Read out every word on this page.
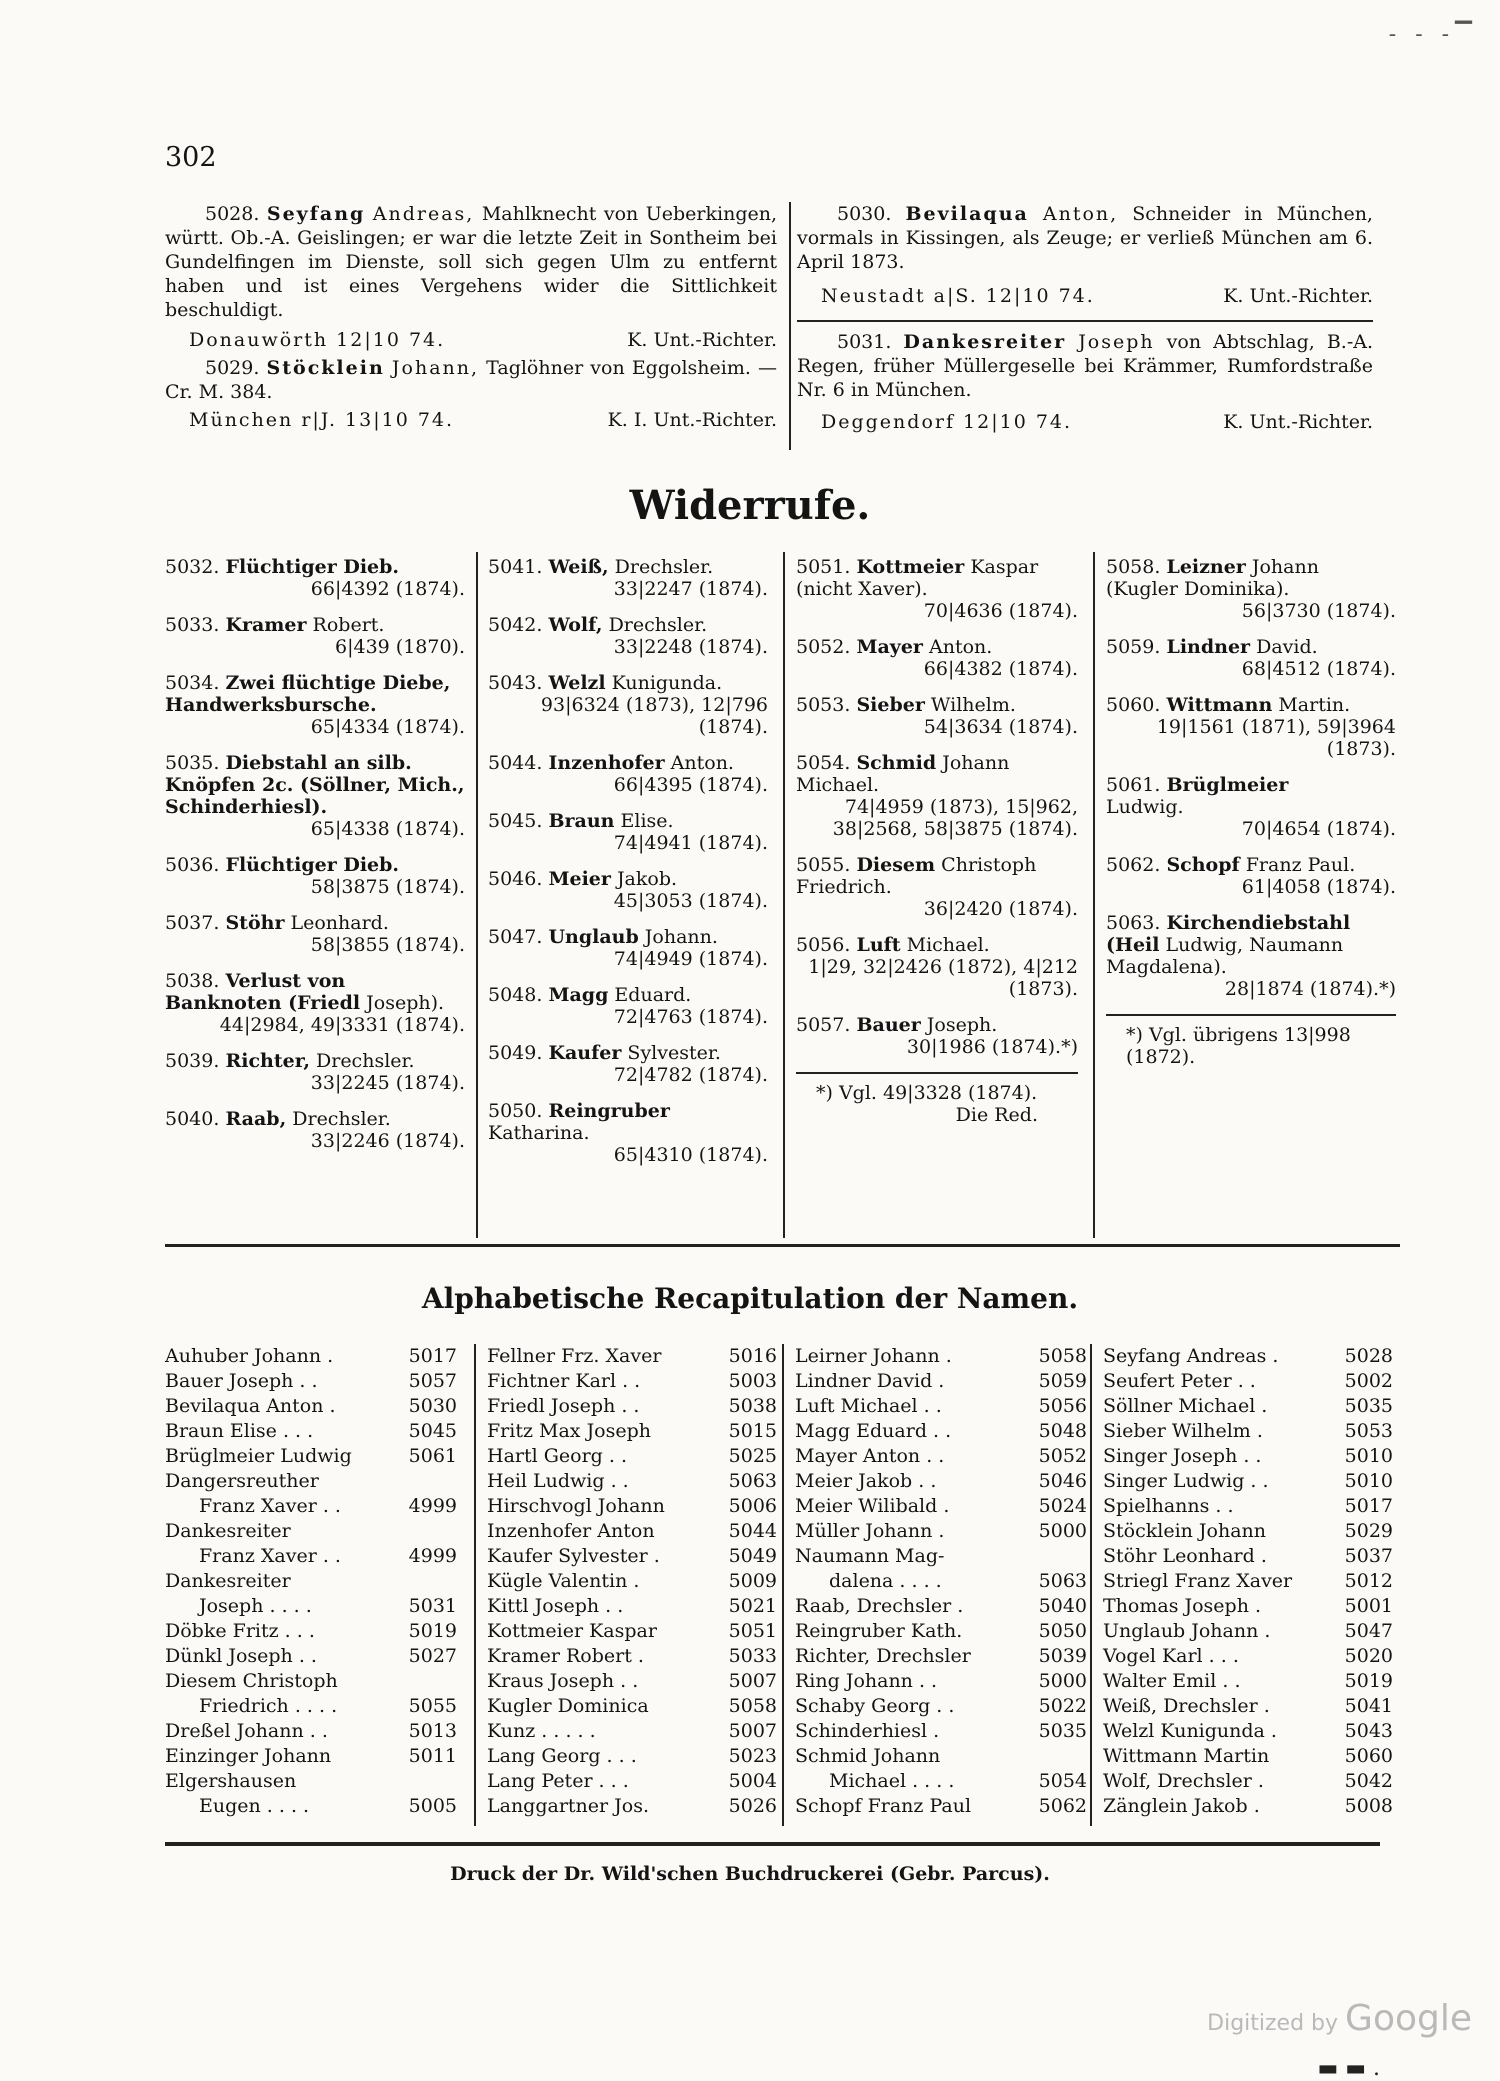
- - -▔
302

5028. Seyfang Andreas, Mahlknecht von Ueberkingen, württ. Ob.-A. Geislingen; er war die letzte Zeit in Sontheim bei Gundelfingen im Dienste, soll sich gegen Ulm zu entfernt haben und ist eines Vergehens wider die Sittlichkeit beschuldigt.

Donauwörth 12|10 74.	K. Unt.-Richter.

5029. Stöcklein Johann, Taglöhner von Eggolsheim. — Cr. M. 384.

München r|J. 13|10 74.	K. I. Unt.-Richter.

5030. Bevilaqua Anton, Schneider in München, vormals in Kissingen, als Zeuge; er verließ München am 6. April 1873.

Neustadt a|S. 12|10 74.	K. Unt.-Richter.

5031. Dankesreiter Joseph von Abtschlag, B.-A. Regen, früher Müllergeselle bei Krämmer, Rumfordstraße Nr. 6 in München.

Deggendorf 12|10 74.	K. Unt.-Richter.
Widerrufe.
5032. Flüchtiger Dieb.
66|4392 (1874).
5033. Kramer Robert.
6|439 (1870).
5034. Zwei flüchtige Diebe, Handwerksbursche.
65|4334 (1874).
5035. Diebstahl an silb. Knöpfen 2c. (Söllner, Mich., Schinderhiesl).
65|4338 (1874).
5036. Flüchtiger Dieb.
58|3875 (1874).
5037. Stöhr Leonhard.
58|3855 (1874).
5038. Verlust von Banknoten (Friedl Joseph).
44|2984, 49|3331 (1874).
5039. Richter, Drechsler.
33|2245 (1874).
5040. Raab, Drechsler.
33|2246 (1874).
5041. Weiß, Drechsler.
33|2247 (1874).
5042. Wolf, Drechsler.
33|2248 (1874).
5043. Welzl Kunigunda.
93|6324 (1873), 12|796 (1874).
5044. Inzenhofer Anton.
66|4395 (1874).
5045. Braun Elise.
74|4941 (1874).
5046. Meier Jakob.
45|3053 (1874).
5047. Unglaub Johann.
74|4949 (1874).
5048. Magg Eduard.
72|4763 (1874).
5049. Kaufer Sylvester.
72|4782 (1874).
5050. Reingruber
Katharina.
65|4310 (1874).
5051. Kottmeier Kaspar (nicht Xaver).
70|4636 (1874).
5052. Mayer Anton.
66|4382 (1874).
5053. Sieber Wilhelm.
54|3634 (1874).
5054. Schmid Johann Michael.
74|4959 (1873), 15|962, 38|2568, 58|3875 (1874).
5055. Diesem Christoph Friedrich.
36|2420 (1874).
5056. Luft Michael.
1|29, 32|2426 (1872), 4|212 (1873).
5057. Bauer Joseph.
30|1986 (1874).*)
*) Vgl. 49|3328 (1874).
Die Red.
5058. Leizner Johann (Kugler Dominika).
56|3730 (1874).
5059. Lindner David.
68|4512 (1874).
5060. Wittmann Martin.
19|1561 (1871), 59|3964 (1873).
5061. Brüglmeier
Ludwig.
70|4654 (1874).
5062. Schopf Franz Paul.
61|4058 (1874).
5063. Kirchendiebstahl (Heil Ludwig, Naumann Magdalena).
28|1874 (1874).*)
*) Vgl. übrigens 13|998 (1872).
Alphabetische Recapitulation der Namen.
Auhuber Johann .	5017
Bauer Joseph . .	5057
Bevilaqua Anton .	5030
Braun Elise . . .	5045
Brüglmeier Ludwig	5061
Dangersreuther
Franz Xaver . .	4999
Dankesreiter
Franz Xaver . .	4999
Dankesreiter
Joseph . . . .	5031
Döbke Fritz . . .	5019
Dünkl Joseph . .	5027
Diesem Christoph
Friedrich . . . .	5055
Dreßel Johann . .	5013
Einzinger Johann	5011
Elgershausen
Eugen . . . .	5005
Fellner Frz. Xaver	5016
Fichtner Karl . .	5003
Friedl Joseph . .	5038
Fritz Max Joseph	5015
Hartl Georg . .	5025
Heil Ludwig . .	5063
Hirschvogl Johann	5006
Inzenhofer Anton	5044
Kaufer Sylvester .	5049
Kügle Valentin .	5009
Kittl Joseph . .	5021
Kottmeier Kaspar	5051
Kramer Robert .	5033
Kraus Joseph . .	5007
Kugler Dominica	5058
Kunz . . . . .	5007
Lang Georg . . .	5023
Lang Peter . . .	5004
Langgartner Jos.	5026
Leirner Johann .	5058
Lindner David .	5059
Luft Michael . .	5056
Magg Eduard . .	5048
Mayer Anton . .	5052
Meier Jakob . .	5046
Meier Wilibald .	5024
Müller Johann .	5000
Naumann Mag-
dalena . . . .	5063
Raab, Drechsler .	5040
Reingruber Kath.	5050
Richter, Drechsler	5039
Ring Johann . .	5000
Schaby Georg . .	5022
Schinderhiesl .	5035
Schmid Johann
Michael . . . .	5054
Schopf Franz Paul	5062
Seyfang Andreas .	5028
Seufert Peter . .	5002
Söllner Michael .	5035
Sieber Wilhelm .	5053
Singer Joseph . .	5010
Singer Ludwig . .	5010
Spielhanns . .	5017
Stöcklein Johann	5029
Stöhr Leonhard .	5037
Striegl Franz Xaver	5012
Thomas Joseph .	5001
Unglaub Johann .	5047
Vogel Karl . . .	5020
Walter Emil . .	5019
Weiß, Drechsler .	5041
Welzl Kunigunda .	5043
Wittmann Martin	5060
Wolf, Drechsler .	5042
Zänglein Jakob .	5008
Druck der Dr. Wild'schen Buchdruckerei (Gebr. Parcus).
Digitized by Google
▬ ▬ .
